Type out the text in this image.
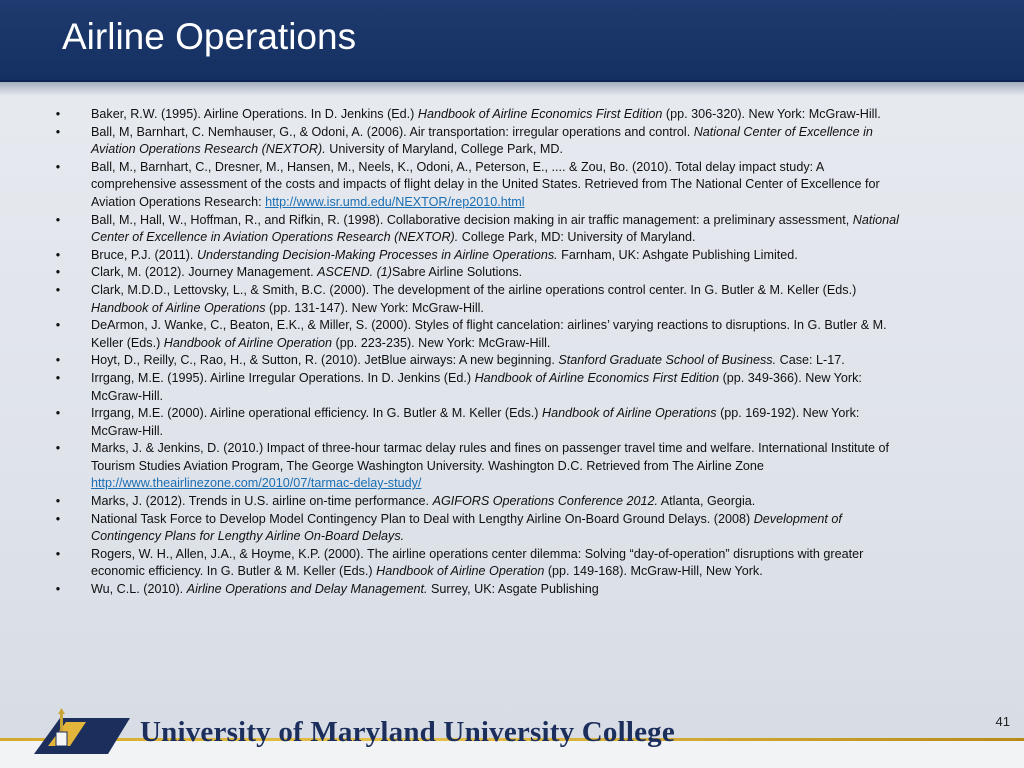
Airline Operations
•	Baker, R.W. (1995). Airline Operations. In D. Jenkins (Ed.) Handbook of Airline Economics First Edition (pp. 306-320). New York: McGraw-Hill.
•	Ball, M, Barnhart, C. Nemhauser, G., & Odoni, A. (2006). Air transportation: irregular operations and control. National Center of Excellence in Aviation Operations Research (NEXTOR). University of Maryland, College Park, MD.
•	Ball, M., Barnhart, C., Dresner, M., Hansen, M., Neels, K., Odoni, A., Peterson, E., .... & Zou, Bo. (2010). Total delay impact study: A comprehensive assessment of the costs and impacts of flight delay in the United States. Retrieved from The National Center of Excellence for Aviation Operations Research: http://www.isr.umd.edu/NEXTOR/rep2010.html
•	Ball, M., Hall, W., Hoffman, R., and Rifkin, R. (1998). Collaborative decision making in air traffic management: a preliminary assessment, National Center of Excellence in Aviation Operations Research (NEXTOR). College Park, MD: University of Maryland.
•	Bruce, P.J. (2011). Understanding Decision-Making Processes in Airline Operations. Farnham, UK: Ashgate Publishing Limited.
•	Clark, M. (2012). Journey Management. ASCEND. (1)Sabre Airline Solutions.
•	Clark, M.D.D., Lettovsky, L., & Smith, B.C. (2000). The development of the airline operations control center. In G. Butler & M. Keller (Eds.) Handbook of Airline Operations (pp. 131-147). New York: McGraw-Hill.
•	DeArmon, J. Wanke, C., Beaton, E.K., & Miller, S. (2000). Styles of flight cancelation: airlines’ varying reactions to disruptions. In G. Butler & M. Keller (Eds.) Handbook of Airline Operation (pp. 223-235). New York: McGraw-Hill.
•	Hoyt, D., Reilly, C., Rao, H., & Sutton, R. (2010). JetBlue airways: A new beginning. Stanford Graduate School of Business. Case: L-17.
•	Irrgang, M.E. (1995). Airline Irregular Operations. In D. Jenkins (Ed.) Handbook of Airline Economics First Edition (pp. 349-366). New York: McGraw-Hill.
•	Irrgang, M.E. (2000). Airline operational efficiency. In G. Butler & M. Keller (Eds.) Handbook of Airline Operations (pp. 169-192). New York: McGraw-Hill.
•	Marks, J. & Jenkins, D. (2010.) Impact of three-hour tarmac delay rules and fines on passenger travel time and welfare. International Institute of Tourism Studies Aviation Program, The George Washington University. Washington D.C. Retrieved from The Airline Zone http://www.theairlinezone.com/2010/07/tarmac-delay-study/
•	Marks, J. (2012). Trends in U.S. airline on-time performance. AGIFORS Operations Conference 2012. Atlanta, Georgia.
•	National Task Force to Develop Model Contingency Plan to Deal with Lengthy Airline On-Board Ground Delays. (2008) Development of Contingency Plans for Lengthy Airline On-Board Delays.
•	Rogers, W. H., Allen, J.A., & Hoyme, K.P. (2000). The airline operations center dilemma: Solving “day-of-operation” disruptions with greater economic efficiency. In G. Butler & M. Keller (Eds.) Handbook of Airline Operation (pp. 149-168). McGraw-Hill, New York.
•	Wu, C.L. (2010). Airline Operations and Delay Management. Surrey, UK: Asgate Publishing
University of Maryland University College	41
